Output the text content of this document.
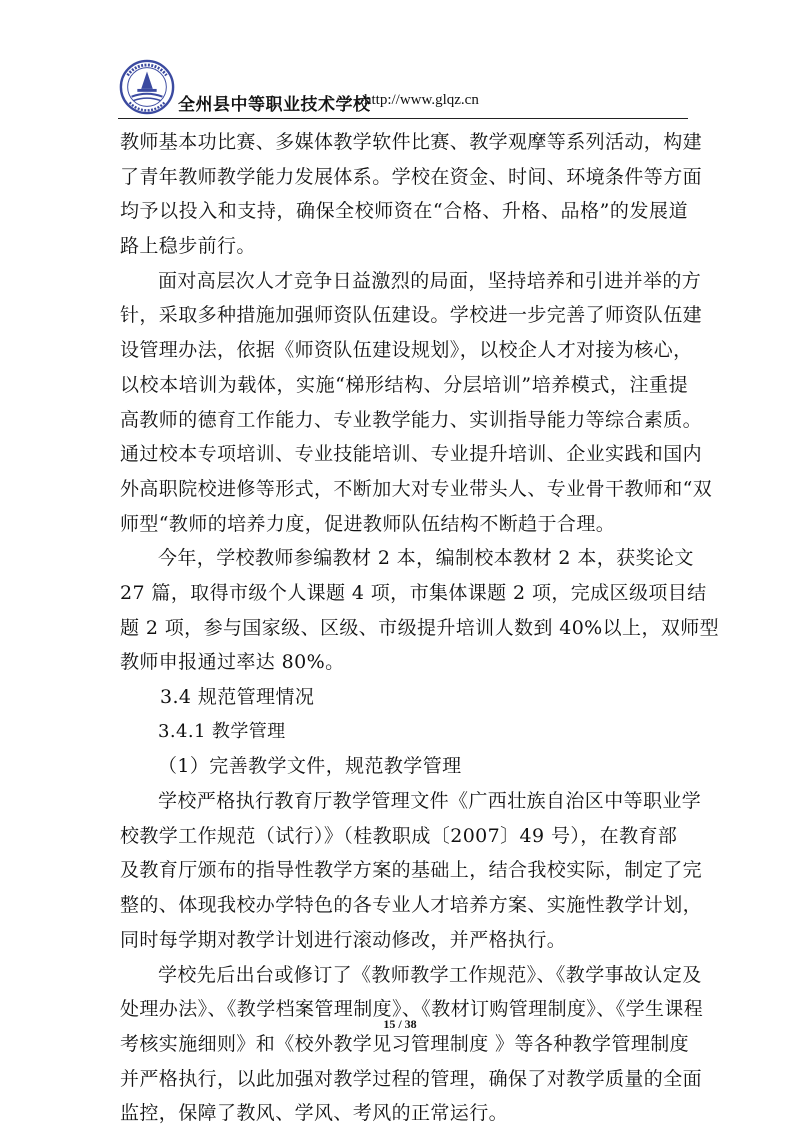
全州县中等职业技术学校
http://www.glqz.cn
教师基本功比赛、多媒体教学软件比赛、教学观摩等系列活动，构建
了青年教师教学能力发展体系。学校在资金、时间、环境条件等方面
均予以投入和支持，确保全校师资在“合格、升格、品格”的发展道
路上稳步前行。
面对高层次人才竞争日益激烈的局面，坚持培养和引进并举的方
针，采取多种措施加强师资队伍建设。学校进一步完善了师资队伍建
设管理办法，依据《师资队伍建设规划》，以校企人才对接为核心，
以校本培训为载体，实施“梯形结构、分层培训”培养模式，注重提
高教师的德育工作能力、专业教学能力、实训指导能力等综合素质。
通过校本专项培训、专业技能培训、专业提升培训、企业实践和国内
外高职院校进修等形式，不断加大对专业带头人、专业骨干教师和“双
师型“教师的培养力度，促进教师队伍结构不断趋于合理。
今年，学校教师参编教材 2 本，编制校本教材 2 本，获奖论文
27 篇，取得市级个人课题 4 项，市集体课题 2 项，完成区级项目结
题 2 项，参与国家级、区级、市级提升培训人数到 40%以上，双师型
教师申报通过率达 80%。
3.4 规范管理情况
3.4.1 教学管理
（1）完善教学文件，规范教学管理
学校严格执行教育厅教学管理文件《广西壮族自治区中等职业学
校教学工作规范（试行）》（桂教职成〔2007〕49 号），在教育部
及教育厅颁布的指导性教学方案的基础上，结合我校实际，制定了完
整的、体现我校办学特色的各专业人才培养方案、实施性教学计划，
同时每学期对教学计划进行滚动修改，并严格执行。
学校先后出台或修订了《教师教学工作规范》、《教学事故认定及
处理办法》、《教学档案管理制度》、《教材订购管理制度》、《学生课程
考核实施细则》和《校外教学见习管理制度 》等各种教学管理制度
并严格执行，以此加强对教学过程的管理，确保了对教学质量的全面
监控，保障了教风、学风、考风的正常运行。
15 / 38
